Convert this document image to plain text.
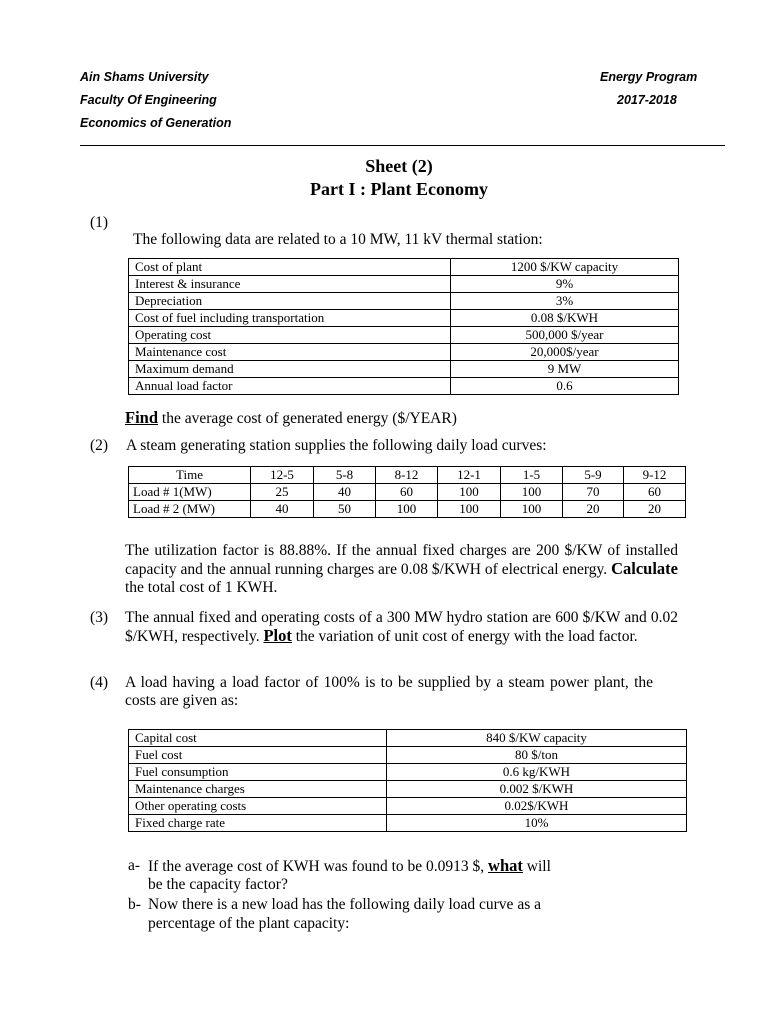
Ain Shams University
Faculty Of Engineering
Economics of Generation
Energy Program
2017-2018
Sheet (2)
Part I : Plant Economy
(1)
The following data are related to a 10 MW, 11 kV thermal station:
Cost of plant	1200 $/KW capacity
Interest & insurance	9%
Depreciation	3%
Cost of fuel including transportation	0.08 $/KWH
Operating cost	500,000 $/year
Maintenance cost	20,000$/year
Maximum demand	9 MW
Annual load factor	0.6
Find the average cost of generated energy ($/YEAR)
(2) A steam generating station supplies the following daily load curves:
Time	12-5	5-8	8-12	12-1	1-5	5-9	9-12
Load # 1(MW)	25	40	60	100	100	70	60
Load # 2 (MW)	40	50	100	100	100	20	20
The utilization factor is 88.88%. If the annual fixed charges are 200 $/KW of installed capacity and the annual running charges are 0.08 $/KWH of electrical energy. Calculate the total cost of 1 KWH.
(3) The annual fixed and operating costs of a 300 MW hydro station are 600 $/KW and 0.02 $/KWH, respectively. Plot the variation of unit cost of energy with the load factor.
(4) A load having a load factor of 100% is to be supplied by a steam power plant, the costs are given as:
Capital cost	840 $/KW capacity
Fuel cost	80 $/ton
Fuel consumption	0.6 kg/KWH
Maintenance charges	0.002 $/KWH
Other operating costs	0.02$/KWH
Fixed charge rate	10%
a- If the average cost of KWH was found to be 0.0913 $, what will
be the capacity factor?
b- Now there is a new load has the following daily load curve as a
percentage of the plant capacity:
